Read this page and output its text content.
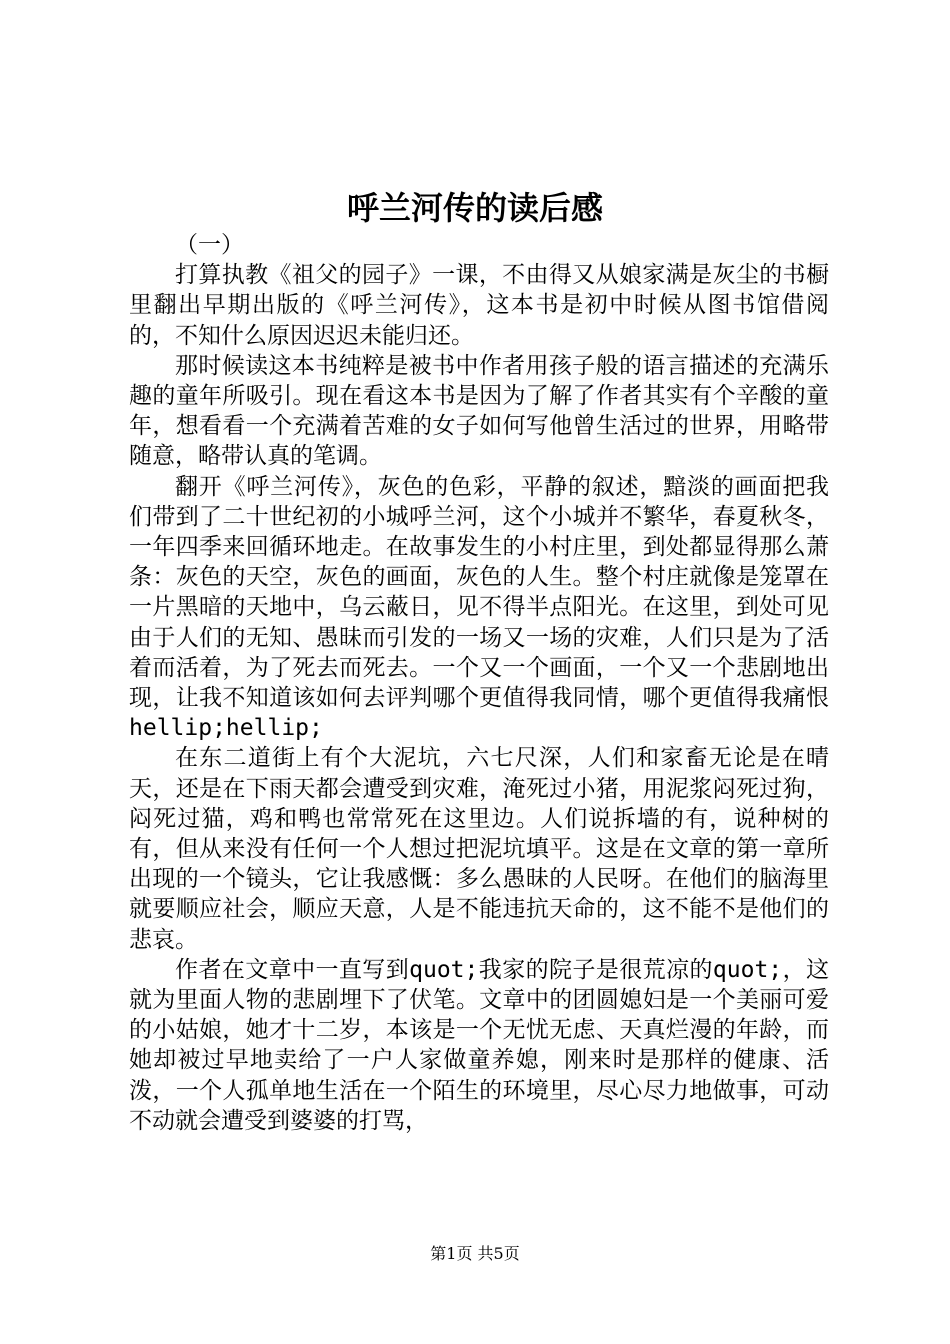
呼兰河传的读后感

（一）

打算执教《祖父的园子》一课，不由得又从娘家满是灰尘的书橱里翻出早期出版的《呼兰河传》，这本书是初中时候从图书馆借阅的，不知什么原因迟迟未能归还。

那时候读这本书纯粹是被书中作者用孩子般的语言描述的充满乐趣的童年所吸引。现在看这本书是因为了解了作者其实有个辛酸的童年，想看看一个充满着苦难的女子如何写他曾生活过的世界，用略带随意，略带认真的笔调。

翻开《呼兰河传》，灰色的色彩，平静的叙述，黯淡的画面把我们带到了二十世纪初的小城呼兰河，这个小城并不繁华，春夏秋冬，一年四季来回循环地走。在故事发生的小村庄里，到处都显得那么萧条：灰色的天空，灰色的画面，灰色的人生。整个村庄就像是笼罩在一片黑暗的天地中，乌云蔽日，见不得半点阳光。在这里，到处可见由于人们的无知、愚昧而引发的一场又一场的灾难，人们只是为了活着而活着，为了死去而死去。一个又一个画面，一个又一个悲剧地出现，让我不知道该如何去评判哪个更值得我同情，哪个更值得我痛恨hellip;hellip;

在东二道街上有个大泥坑，六七尺深，人们和家畜无论是在晴天，还是在下雨天都会遭受到灾难，淹死过小猪，用泥浆闷死过狗，闷死过猫，鸡和鸭也常常死在这里边。人们说拆墙的有，说种树的有，但从来没有任何一个人想过把泥坑填平。这是在文章的第一章所出现的一个镜头，它让我感慨：多么愚昧的人民呀。在他们的脑海里就要顺应社会，顺应天意，人是不能违抗天命的，这不能不是他们的悲哀。

作者在文章中一直写到quot;我家的院子是很荒凉的quot;，这就为里面人物的悲剧埋下了伏笔。文章中的团圆媳妇是一个美丽可爱的小姑娘，她才十二岁，本该是一个无忧无虑、天真烂漫的年龄，而她却被过早地卖给了一户人家做童养媳，刚来时是那样的健康、活泼，一个人孤单地生活在一个陌生的环境里，尽心尽力地做事，可动不动就会遭受到婆婆的打骂，

第1页 共5页
